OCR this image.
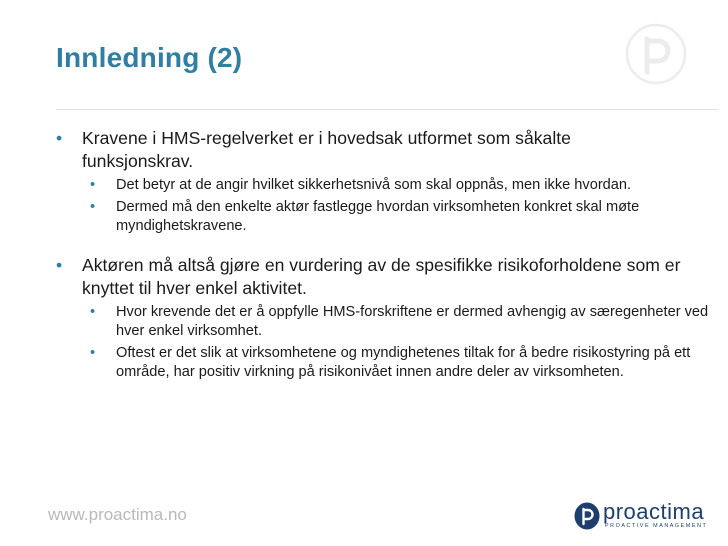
Innledning (2)
• Kravene i HMS-regelverket er i hovedsak utformet som såkalte funksjonskrav.
• Det betyr at de angir hvilket sikkerhetsnivå som skal oppnås, men ikke hvordan.
• Dermed må den enkelte aktør fastlegge hvordan virksomheten konkret skal møte myndighetskravene.
• Aktøren må altså gjøre en vurdering av de spesifikke risikoforholdene som er knyttet til hver enkel aktivitet.
• Hvor krevende det er å oppfylle HMS-forskriftene er dermed avhengig av særegenheter ved hver enkel virksomhet.
• Oftest er det slik at virksomhetene og myndighetenes tiltak for å bedre risikostyring på ett område, har positiv virkning på risikonivået innen andre deler av virksomheten.
www.proactima.no	proactima
PROACTIVE MANAGEMENT
